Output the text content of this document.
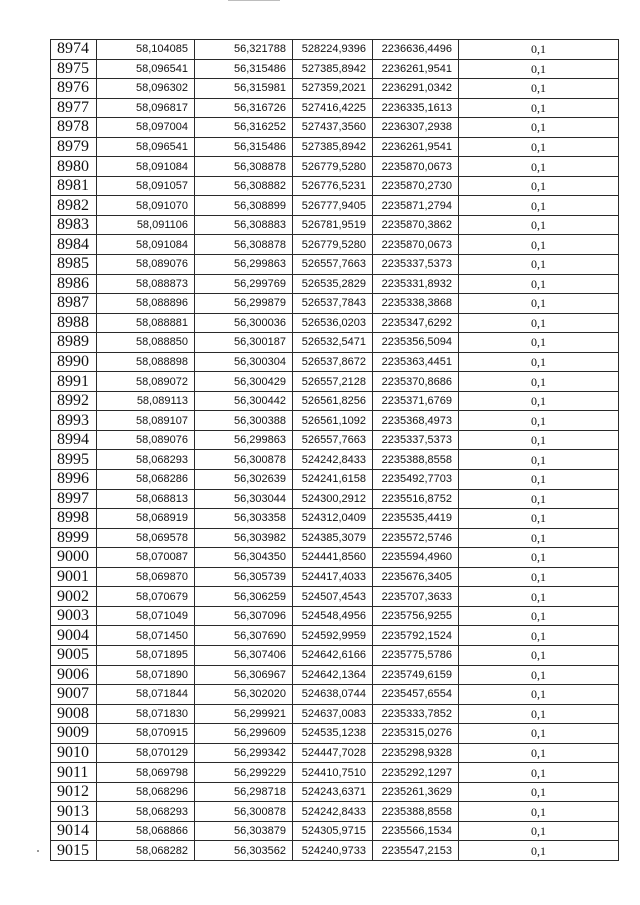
8974	58,104085	56,321788	528224,9396	2236636,4496	0,1
8975	58,096541	56,315486	527385,8942	2236261,9541	0,1
8976	58,096302	56,315981	527359,2021	2236291,0342	0,1
8977	58,096817	56,316726	527416,4225	2236335,1613	0,1
8978	58,097004	56,316252	527437,3560	2236307,2938	0,1
8979	58,096541	56,315486	527385,8942	2236261,9541	0,1
8980	58,091084	56,308878	526779,5280	2235870,0673	0,1
8981	58,091057	56,308882	526776,5231	2235870,2730	0,1
8982	58,091070	56,308899	526777,9405	2235871,2794	0,1
8983	58,091106	56,308883	526781,9519	2235870,3862	0,1
8984	58,091084	56,308878	526779,5280	2235870,0673	0,1
8985	58,089076	56,299863	526557,7663	2235337,5373	0,1
8986	58,088873	56,299769	526535,2829	2235331,8932	0,1
8987	58,088896	56,299879	526537,7843	2235338,3868	0,1
8988	58,088881	56,300036	526536,0203	2235347,6292	0,1
8989	58,088850	56,300187	526532,5471	2235356,5094	0,1
8990	58,088898	56,300304	526537,8672	2235363,4451	0,1
8991	58,089072	56,300429	526557,2128	2235370,8686	0,1
8992	58,089113	56,300442	526561,8256	2235371,6769	0,1
8993	58,089107	56,300388	526561,1092	2235368,4973	0,1
8994	58,089076	56,299863	526557,7663	2235337,5373	0,1
8995	58,068293	56,300878	524242,8433	2235388,8558	0,1
8996	58,068286	56,302639	524241,6158	2235492,7703	0,1
8997	58,068813	56,303044	524300,2912	2235516,8752	0,1
8998	58,068919	56,303358	524312,0409	2235535,4419	0,1
8999	58,069578	56,303982	524385,3079	2235572,5746	0,1
9000	58,070087	56,304350	524441,8560	2235594,4960	0,1
9001	58,069870	56,305739	524417,4033	2235676,3405	0,1
9002	58,070679	56,306259	524507,4543	2235707,3633	0,1
9003	58,071049	56,307096	524548,4956	2235756,9255	0,1
9004	58,071450	56,307690	524592,9959	2235792,1524	0,1
9005	58,071895	56,307406	524642,6166	2235775,5786	0,1
9006	58,071890	56,306967	524642,1364	2235749,6159	0,1
9007	58,071844	56,302020	524638,0744	2235457,6554	0,1
9008	58,071830	56,299921	524637,0083	2235333,7852	0,1
9009	58,070915	56,299609	524535,1238	2235315,0276	0,1
9010	58,070129	56,299342	524447,7028	2235298,9328	0,1
9011	58,069798	56,299229	524410,7510	2235292,1297	0,1
9012	58,068296	56,298718	524243,6371	2235261,3629	0,1
9013	58,068293	56,300878	524242,8433	2235388,8558	0,1
9014	58,068866	56,303879	524305,9715	2235566,1534	0,1
9015	58,068282	56,303562	524240,9733	2235547,2153	0,1
